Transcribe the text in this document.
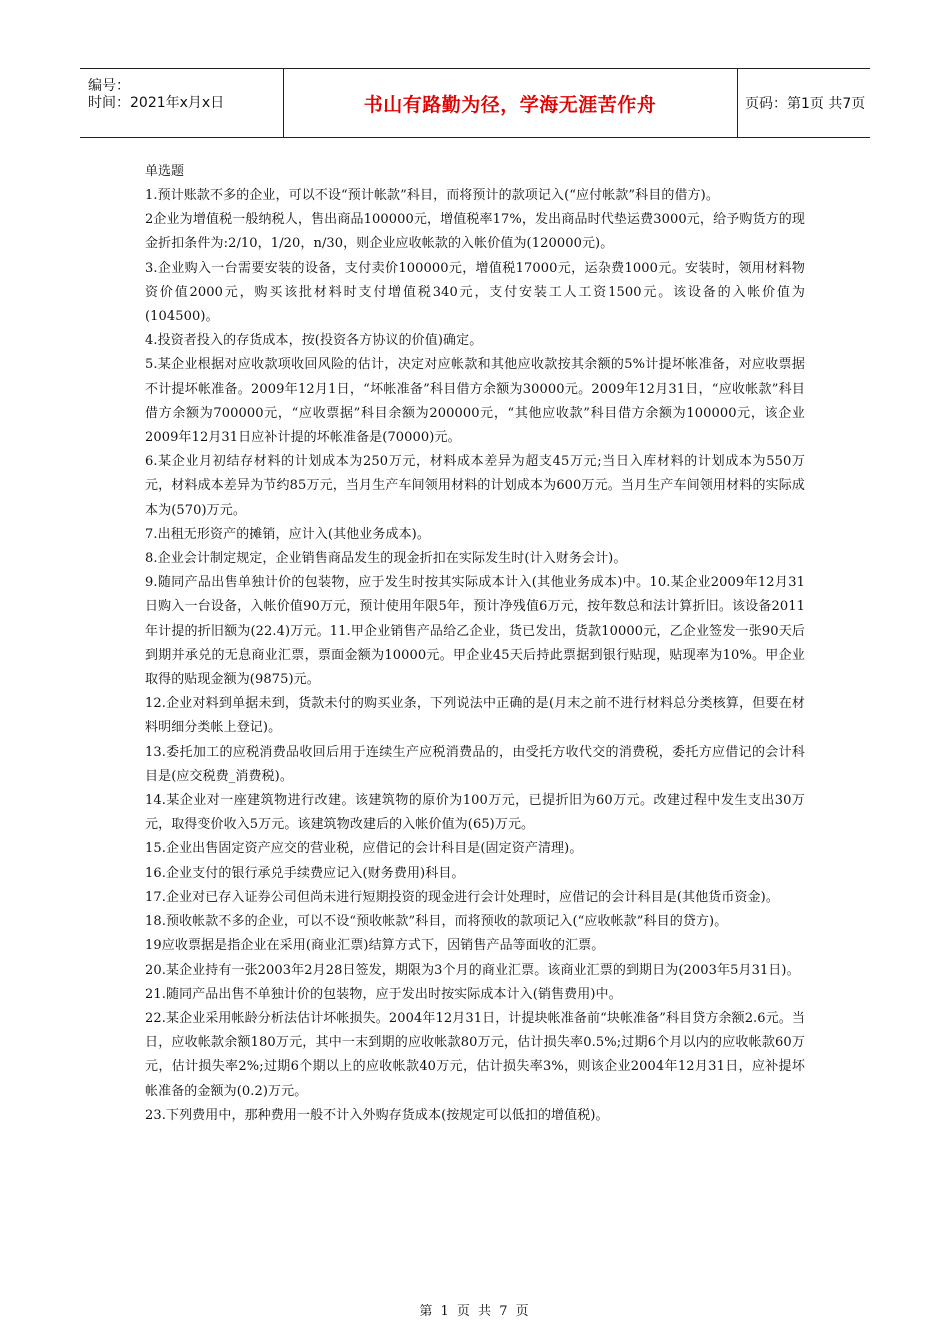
编号：
时间：2021年x月x日	书山有路勤为径，学海无涯苦作舟	页码：第1页 共7页

单选题

1.预计账款不多的企业，可以不设“预计帐款”科目，而将预计的款项记入(“应付帐款”科目的借方)。

2企业为增值税一般纳税人，售出商品100000元，增值税率17%，发出商品时代垫运费3000元，给予购货方的现金折扣条件为:2/10，1/20，n/30，则企业应收帐款的入帐价值为(120000元)。

3.企业购入一台需要安装的设备，支付卖价100000元，增值税17000元，运杂费1000元。安装时，领用材料物资价值2000元，购买该批材料时支付增值税340元，支付安装工人工资1500元。该设备的入帐价值为(104500)。

4.投资者投入的存货成本，按(投资各方协议的价值)确定。

5.某企业根据对应收款项收回风险的估计，决定对应帐款和其他应收款按其余额的5%计提坏帐准备，对应收票据不计提坏帐准备。2009年12月1日，“坏帐准备”科目借方余额为30000元。2009年12月31日，“应收帐款”科目借方余额为700000元，“应收票据”科目余额为200000元，“其他应收款”科目借方余额为100000元，该企业2009年12月31日应补计提的坏帐准备是(70000)元。

6.某企业月初结存材料的计划成本为250万元，材料成本差异为超支45万元;当日入库材料的计划成本为550万元，材料成本差异为节约85万元，当月生产车间领用材料的计划成本为600万元。当月生产车间领用材料的实际成本为(570)万元。

7.出租无形资产的摊销，应计入(其他业务成本)。

8.企业会计制定规定，企业销售商品发生的现金折扣在实际发生时(计入财务会计)。

9.随同产品出售单独计价的包装物，应于发生时按其实际成本计入(其他业务成本)中。10.某企业2009年12月31日购入一台设备，入帐价值90万元，预计使用年限5年，预计净残值6万元，按年数总和法计算折旧。该设备2011年计提的折旧额为(22.4)万元。11.甲企业销售产品给乙企业，货已发出，货款10000元，乙企业签发一张90天后到期并承兑的无息商业汇票，票面金额为10000元。甲企业45天后持此票据到银行贴现，贴现率为10%。甲企业取得的贴现金额为(9875)元。

12.企业对料到单据未到，货款未付的购买业条，下列说法中正确的是(月末之前不进行材料总分类核算，但要在材料明细分类帐上登记)。

13.委托加工的应税消费品收回后用于连续生产应税消费品的，由受托方收代交的消费税，委托方应借记的会计科目是(应交税费_消费税)。

14.某企业对一座建筑物进行改建。该建筑物的原价为100万元，已提折旧为60万元。改建过程中发生支出30万元，取得变价收入5万元。该建筑物改建后的入帐价值为(65)万元。

15.企业出售固定资产应交的营业税，应借记的会计科目是(固定资产清理)。

16.企业支付的银行承兑手续费应记入(财务费用)科目。

17.企业对已存入证券公司但尚未进行短期投资的现金进行会计处理时，应借记的会计科目是(其他货币资金)。

18.预收帐款不多的企业，可以不设“预收帐款”科目，而将预收的款项记入(“应收帐款”科目的贷方)。

19应收票据是指企业在采用(商业汇票)结算方式下，因销售产品等面收的汇票。

20.某企业持有一张2003年2月28日签发，期限为3个月的商业汇票。该商业汇票的到期日为(2003年5月31日)。

21.随同产品出售不单独计价的包装物，应于发出时按实际成本计入(销售费用)中。

22.某企业采用帐龄分析法估计坏帐损失。2004年12月31日，计提块帐准备前“块帐准备”科目贷方余额2.6元。当日，应收帐款余额180万元，其中一末到期的应收帐款80万元，估计损失率0.5%;过期6个月以内的应收帐款60万元，估计损失率2%;过期6个期以上的应收帐款40万元，估计损失率3%，则该企业2004年12月31日，应补提坏帐准备的金额为(0.2)万元。

23.下列费用中，那种费用一般不计入外购存货成本(按规定可以低扣的增值税)。

第 1 页 共 7 页
